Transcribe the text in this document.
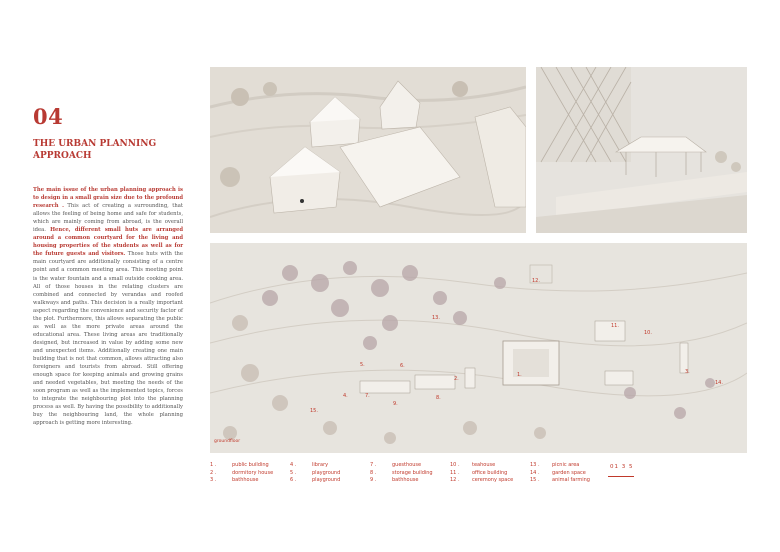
04
THE URBAN PLANNING APPROACH
The main issue of the urban planning approach is to design in a small grain size due to the profound research . This act of creating a surrounding, that allows the feeling of being home and safe for students, which are mainly coming from abroad, is the overall idea. Hence, different small huts are arranged around a common courtyard for the living and housing properties of the students as well as for the future guests and visitors. Those huts with the main courtyard are additionally consisting of a centre point and a common meeting area. This meeting point is the water fountain and a small outside cooking area. All of those houses in the relating clusters are combined and connected by verandas and roofed walkways and paths. This decision is a really important aspect regarding the convenience and security factor of the plot. Furthermore, this allows separating the public as well as the more private areas around the educational area. These living areas are traditionally designed, but increased in value by adding some new and unexpected items. Additionally creating one main building that is not that common, allows attracting also foreigners and tourists from abroad. Still offering enough space for keeping animals and growing grains and needed vegetables, but meeting the needs of the soon program as well as the implemented topics, forces to integrate the neighbouring plot into the planning process as well. By having the possibility to additionally buy the neighbouring land, the whole planning approach is getting more interesting.
12.
13.
11.
10.
1.
2.
5.	6.
4.	7.
9.
8.
3.
14.
15.
groundfloor
1 .	public building
2 .	dormitory house
3 .	bathhouse
4 .	library
5 .	playground
6 .	playground
7 .	guesthouse
8 .	storage building
9 .	bathhouse
10 . teahouse
11 . office building
12 . ceremony space
13 . picnic area
14 . garden space
15 . animal farming
01 3 5
